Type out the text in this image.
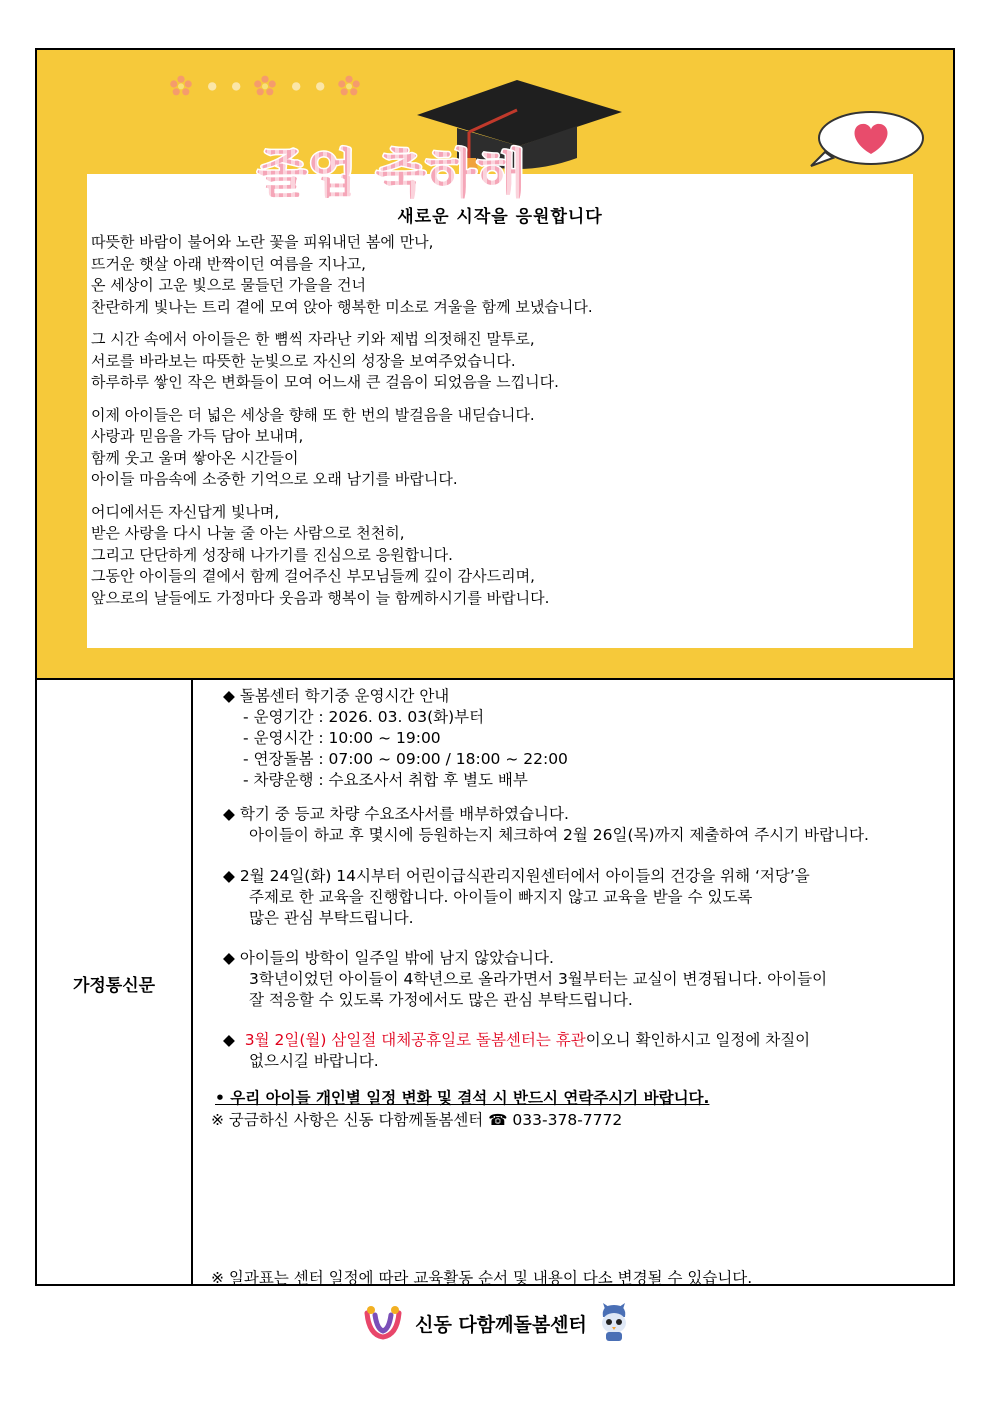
새로운 시작을 응원합니다

따뜻한 바람이 불어와 노란 꽃을 피워내던 봄에 만나,
뜨거운 햇살 아래 반짝이던 여름을 지나고,
온 세상이 고운 빛으로 물들던 가을을 건너
찬란하게 빛나는 트리 곁에 모여 앉아 행복한 미소로 겨울을 함께 보냈습니다.

그 시간 속에서 아이들은 한 뼘씩 자라난 키와 제법 의젓해진 말투로,
서로를 바라보는 따뜻한 눈빛으로 자신의 성장을 보여주었습니다.
하루하루 쌓인 작은 변화들이 모여 어느새 큰 걸음이 되었음을 느낍니다.

이제 아이들은 더 넓은 세상을 향해 또 한 번의 발걸음을 내딛습니다.
사랑과 믿음을 가득 담아 보내며,
함께 웃고 울며 쌓아온 시간들이
아이들 마음속에 소중한 기억으로 오래 남기를 바랍니다.

어디에서든 자신답게 빛나며,
받은 사랑을 다시 나눌 줄 아는 사람으로 천천히,
그리고 단단하게 성장해 나가기를 진심으로 응원합니다.
그동안 아이들의 곁에서 함께 걸어주신 부모님들께 깊이 감사드리며,
앞으로의 날들에도 가정마다 웃음과 행복이 늘 함께하시기를 바랍니다.

졸업 축하해
가정통신문
◆ 돌봄센터 학기중 운영시간 안내
- 운영기간 : 2026. 03. 03(화)부터
- 운영시간 : 10:00 ~ 19:00
- 연장돌봄 : 07:00 ~ 09:00 / 18:00 ~ 22:00
- 차량운행 : 수요조사서 취합 후 별도 배부
◆ 학기 중 등교 차량 수요조사서를 배부하였습니다.
아이들이 하교 후 몇시에 등원하는지 체크하여 2월 26일(목)까지 제출하여 주시기 바랍니다.
◆ 2월 24일(화) 14시부터 어린이급식관리지원센터에서 아이들의 건강을 위해 ‘저당’을
주제로 한 교육을 진행합니다. 아이들이 빠지지 않고 교육을 받을 수 있도록
많은 관심 부탁드립니다.
◆ 아이들의 방학이 일주일 밖에 남지 않았습니다.
3학년이었던 아이들이 4학년으로 올라가면서 3월부터는 교실이 변경됩니다. 아이들이
잘 적응할 수 있도록 가정에서도 많은 관심 부탁드립니다.
◆  3월 2일(월) 삼일절 대체공휴일로 돌봄센터는 휴관이오니 확인하시고 일정에 차질이
없으시길 바랍니다.
• 우리 아이들 개인별 일정 변화 및 결석 시 반드시 연락주시기 바랍니다.
※ 궁금하신 사항은 신동 다함께돌봄센터 ☎ 033-378-7772
※ 일과표는 센터 일정에 따라 교육활동 순서 및 내용이 다소 변경될 수 있습니다.
신동 다함께돌봄센터
